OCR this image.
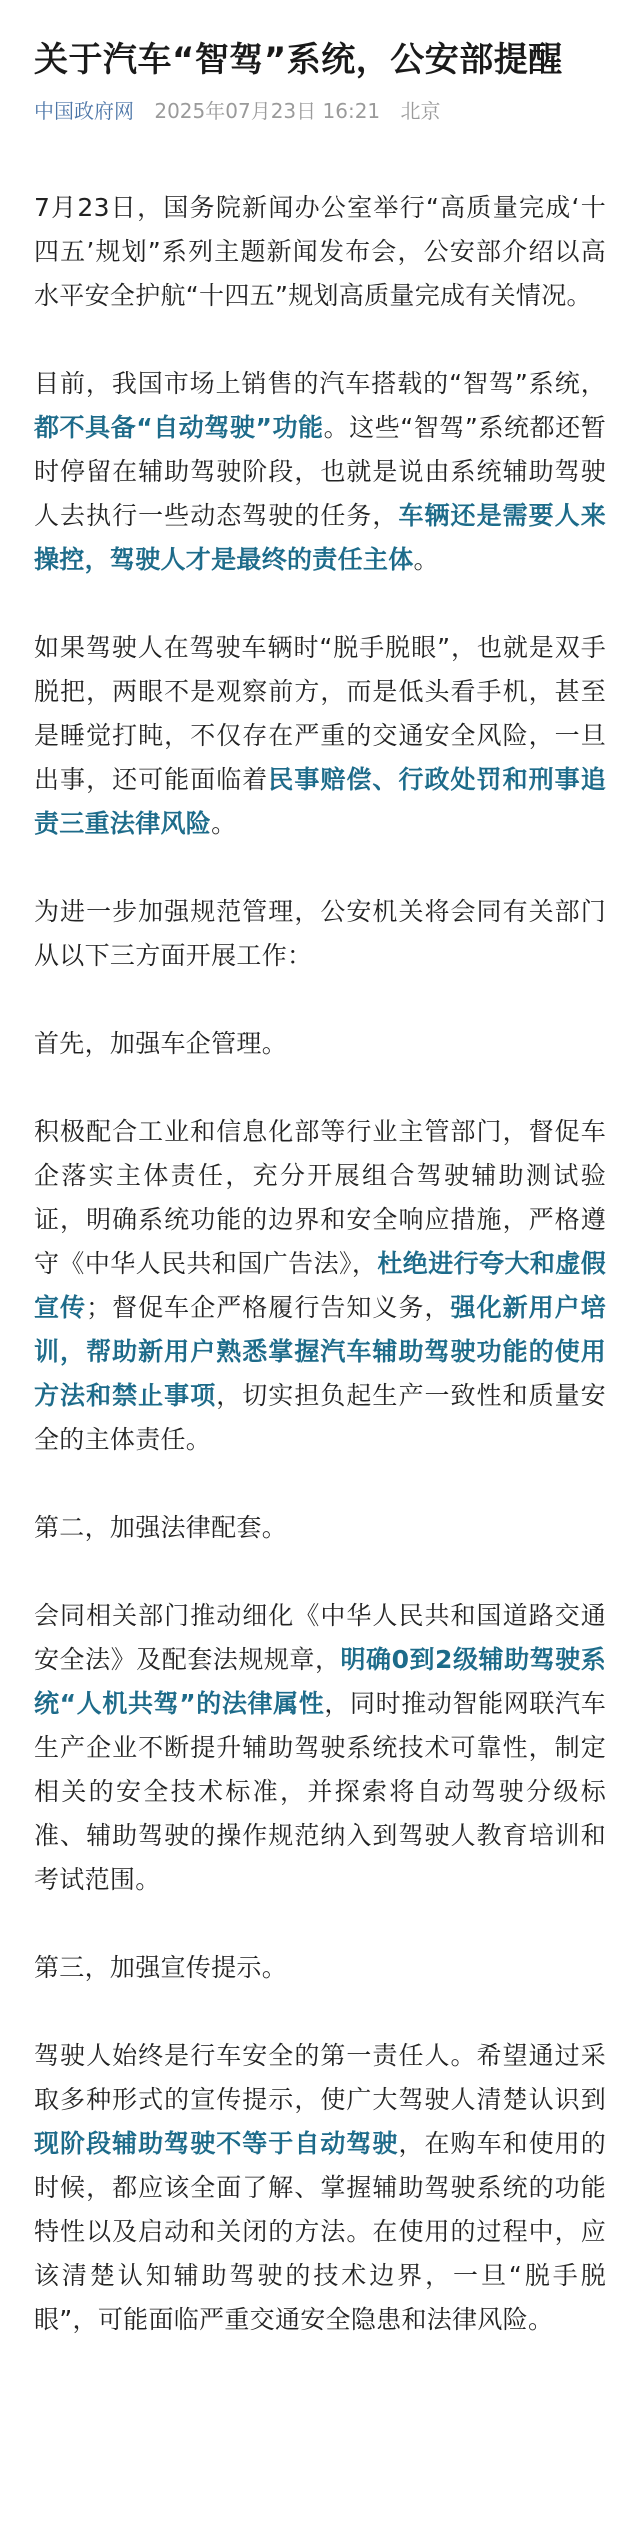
关于汽车“智驾”系统，公安部提醒
中国政府网 2025年07月23日 16:21 北京

7月23日，国务院新闻办公室举行“高质量完成‘十四五’规划”系列主题新闻发布会，公安部介绍以高水平安全护航“十四五”规划高质量完成有关情况。

目前，我国市场上销售的汽车搭载的“智驾”系统，都不具备“自动驾驶”功能。这些“智驾”系统都还暂时停留在辅助驾驶阶段，也就是说由系统辅助驾驶人去执行一些动态驾驶的任务，车辆还是需要人来操控，驾驶人才是最终的责任主体。

如果驾驶人在驾驶车辆时“脱手脱眼”，也就是双手脱把，两眼不是观察前方，而是低头看手机，甚至是睡觉打盹，不仅存在严重的交通安全风险，一旦出事，还可能面临着民事赔偿、行政处罚和刑事追责三重法律风险。

为进一步加强规范管理，公安机关将会同有关部门从以下三方面开展工作：

首先，加强车企管理。

积极配合工业和信息化部等行业主管部门，督促车企落实主体责任，充分开展组合驾驶辅助测试验证，明确系统功能的边界和安全响应措施，严格遵守《中华人民共和国广告法》，杜绝进行夸大和虚假宣传；督促车企严格履行告知义务，强化新用户培训，帮助新用户熟悉掌握汽车辅助驾驶功能的使用方法和禁止事项，切实担负起生产一致性和质量安全的主体责任。

第二，加强法律配套。

会同相关部门推动细化《中华人民共和国道路交通安全法》及配套法规规章，明确0到2级辅助驾驶系统“人机共驾”的法律属性，同时推动智能网联汽车生产企业不断提升辅助驾驶系统技术可靠性，制定相关的安全技术标准，并探索将自动驾驶分级标准、辅助驾驶的操作规范纳入到驾驶人教育培训和考试范围。

第三，加强宣传提示。

驾驶人始终是行车安全的第一责任人。希望通过采取多种形式的宣传提示，使广大驾驶人清楚认识到现阶段辅助驾驶不等于自动驾驶，在购车和使用的时候，都应该全面了解、掌握辅助驾驶系统的功能特性以及启动和关闭的方法。在使用的过程中，应该清楚认知辅助驾驶的技术边界，一旦“脱手脱眼”，可能面临严重交通安全隐患和法律风险。
